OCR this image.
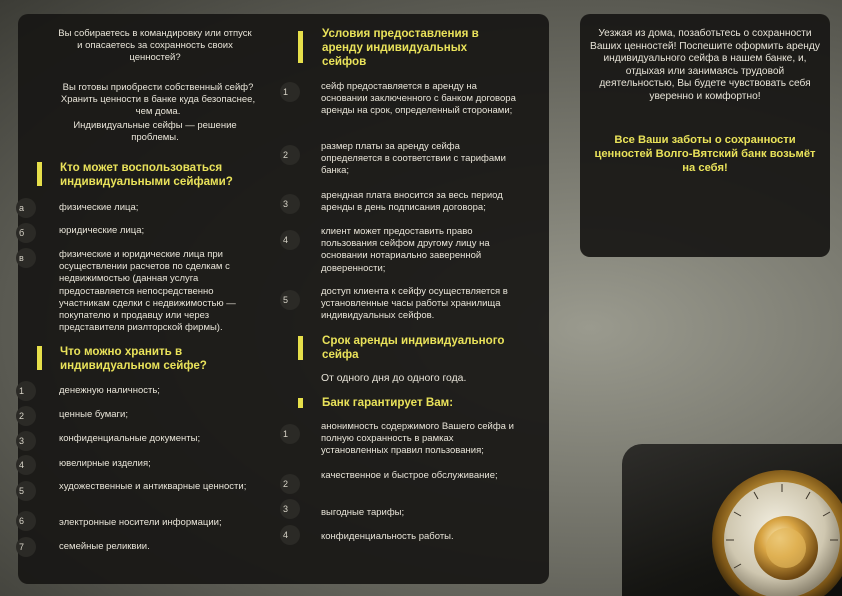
Вы собираетесь в командировку или отпуск и опасаетесь за сохранность своих ценностей?
Вы готовы приобрести собственный сейф? Хранить ценности в банке куда безопаснее, чем дома.
Индивидуальные сейфы — решение проблемы.
Кто может воспользоваться индивидуальными сейфами?
а	физические лица;
б	юридические лица;
в	физические и юридические лица при осуществлении расчетов по сделкам с недвижимостью (данная услуга предоставляется непосредственно участникам сделки с недвижимостью — покупателю и продавцу или через представителя риэлторской фирмы).
Что можно хранить в индивидуальном сейфе?
1	денежную наличность;
2	ценные бумаги;
3	конфиденциальные документы;
4	ювелирные изделия;
5	художественные и антикварные ценности;
6	электронные носители информации;
7	семейные реликвии.
Условия предоставления в аренду индивидуальных сейфов
1	сейф предоставляется в аренду на основании заключенного с банком договора аренды на срок, определенный сторонами;
2
размер платы за аренду сейфа определяется в соответствии с тарифами банка;
3
арендная плата вносится за весь период аренды в день подписания договора;
4
клиент может предоставить право пользования сейфом другому лицу на основании нотариально заверенной доверенности;
5
доступ клиента к сейфу осуществляется в установленные часы работы хранилища индивидуальных сейфов.
Срок аренды индивидуального сейфа
От одного дня до одного года.
Банк гарантирует Вам:
1
анонимность содержимого Вашего сейфа и полную сохранность в рамках установленных правил пользования;
2
качественное и быстрое обслуживание;
3	выгодные тарифы;
4	конфиденциальность работы.
Уезжая из дома, позаботьтесь о сохранности Ваших ценностей! Поспешите оформить аренду индивидуального сейфа в нашем банке, и, отдыхая или занимаясь трудовой деятельностью, Вы будете чувствовать себя уверенно и комфортно!
Все Ваши заботы о сохранности ценностей Волго-Вятский банк возьмёт на себя!
